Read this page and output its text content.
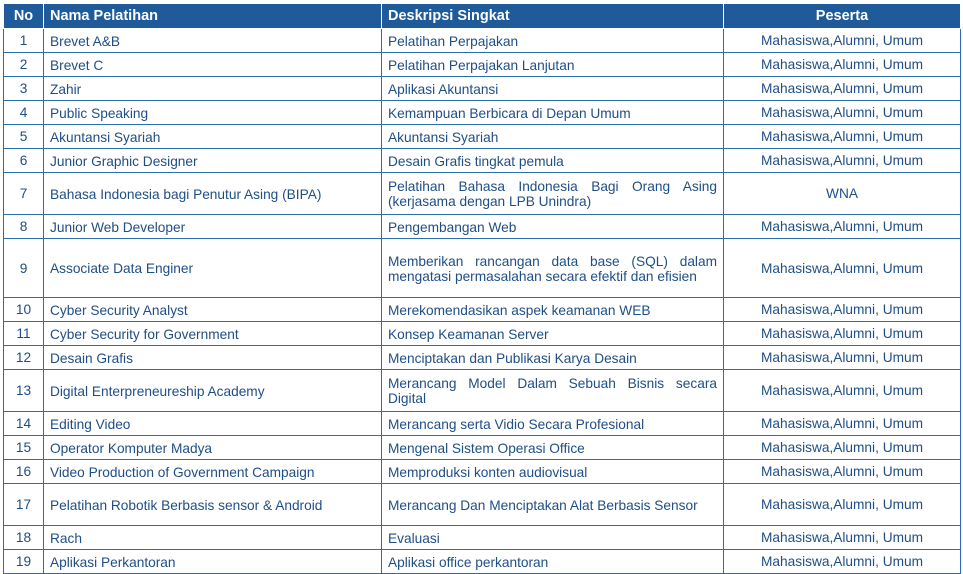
No	Nama Pelatihan	Deskripsi Singkat	Peserta
1	Brevet A&B	Pelatihan Perpajakan	Mahasiswa,Alumni, Umum
2	Brevet C	Pelatihan Perpajakan Lanjutan	Mahasiswa,Alumni, Umum
3	Zahir	Aplikasi Akuntansi	Mahasiswa,Alumni, Umum
4	Public Speaking	Kemampuan Berbicara di Depan Umum	Mahasiswa,Alumni, Umum
5	Akuntansi Syariah	Akuntansi Syariah	Mahasiswa,Alumni, Umum
6	Junior Graphic Designer	Desain Grafis tingkat pemula	Mahasiswa,Alumni, Umum
7	Bahasa Indonesia bagi Penutur Asing (BIPA)	Pelatihan Bahasa Indonesia Bagi Orang Asing (kerjasama dengan LPB Unindra)	WNA
8	Junior Web Developer	Pengembangan Web	Mahasiswa,Alumni, Umum
9	Associate Data Enginer	Memberikan rancangan data base (SQL) dalam mengatasi permasalahan secara efektif dan efisien	Mahasiswa,Alumni, Umum
10	Cyber Security Analyst	Merekomendasikan aspek keamanan WEB	Mahasiswa,Alumni, Umum
11	Cyber Security for Government	Konsep Keamanan Server	Mahasiswa,Alumni, Umum
12	Desain Grafis	Menciptakan dan Publikasi Karya Desain	Mahasiswa,Alumni, Umum
13	Digital Enterpreneureship Academy	Merancang Model Dalam Sebuah Bisnis secara Digital	Mahasiswa,Alumni, Umum
14	Editing Video	Merancang serta Vidio Secara Profesional	Mahasiswa,Alumni, Umum
15	Operator Komputer Madya	Mengenal Sistem Operasi Office	Mahasiswa,Alumni, Umum
16	Video Production of Government Campaign	Memproduksi konten audiovisual	Mahasiswa,Alumni, Umum
17	Pelatihan Robotik Berbasis sensor & Android	Merancang Dan Menciptakan Alat Berbasis Sensor	Mahasiswa,Alumni, Umum
18	Rach	Evaluasi	Mahasiswa,Alumni, Umum
19	Aplikasi Perkantoran	Aplikasi office perkantoran	Mahasiswa,Alumni, Umum
